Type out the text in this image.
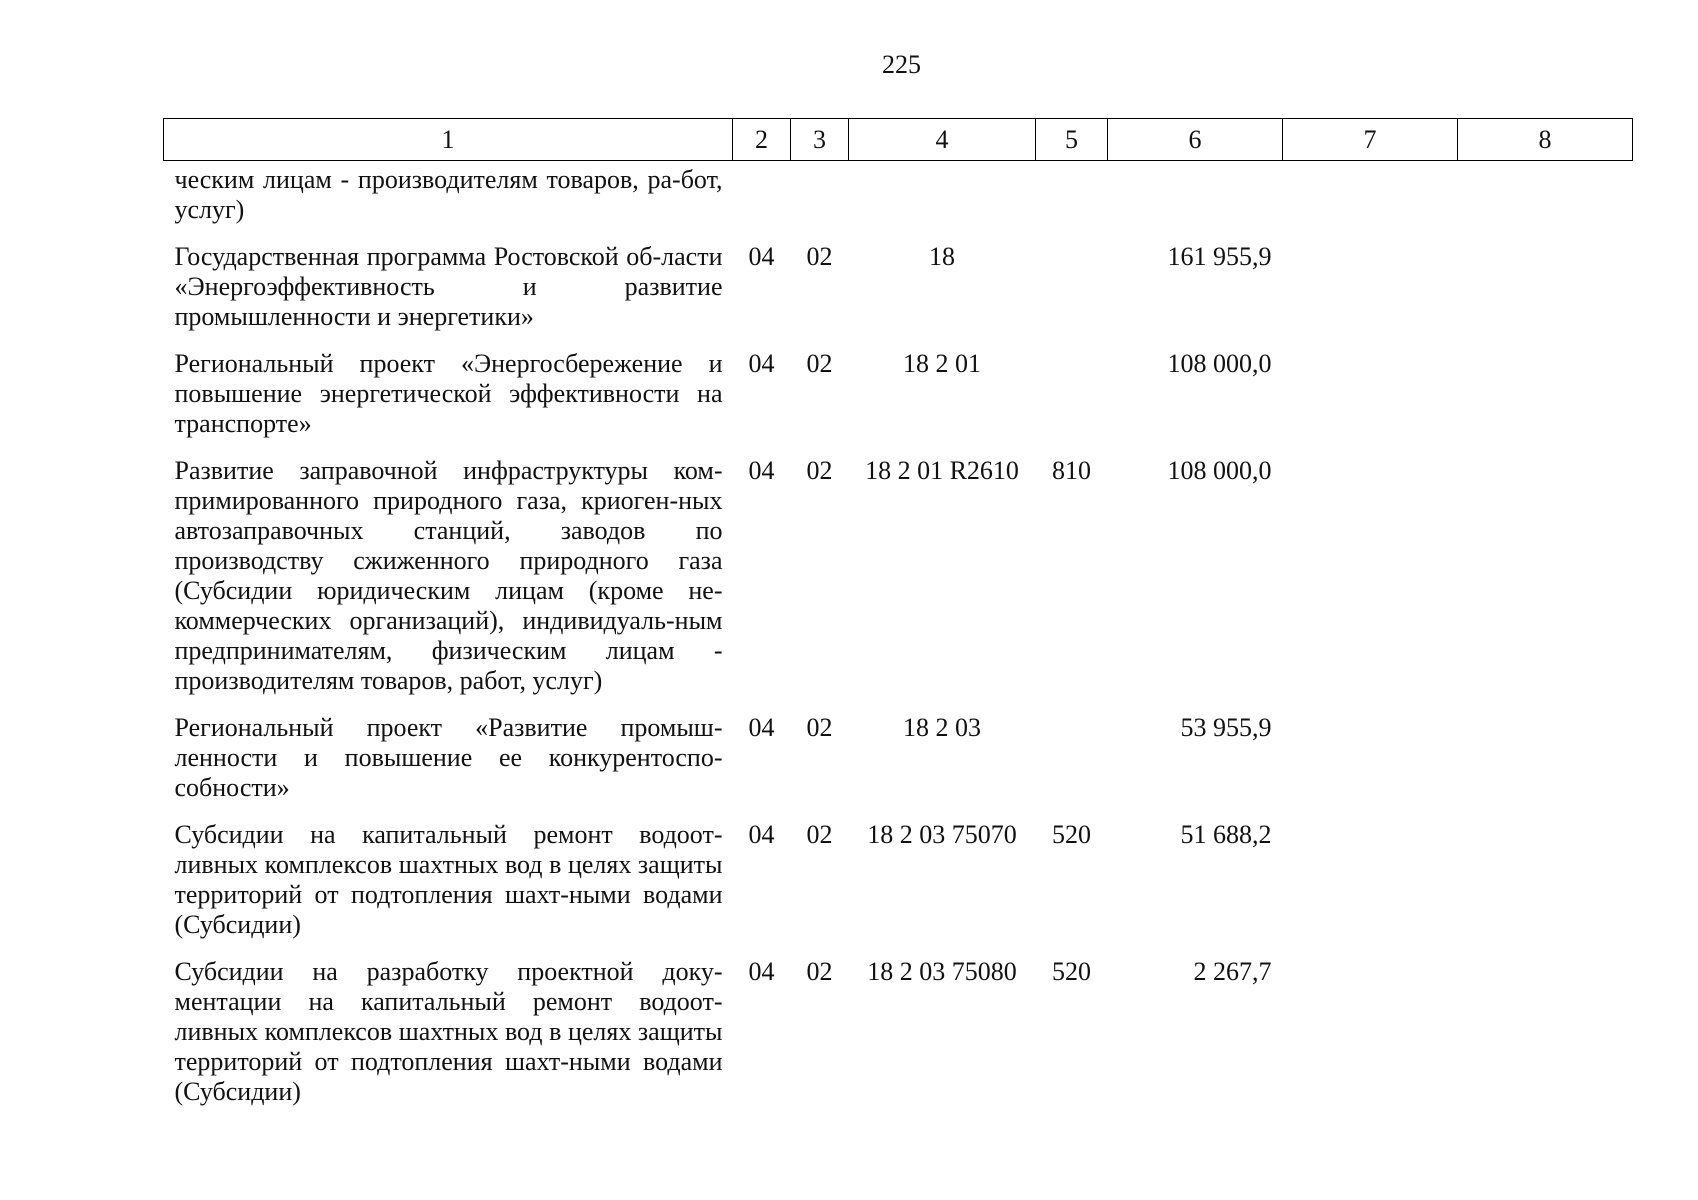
225
1	2	3	4	5	6	7	8
ческим лицам - производителям товаров, ра-бот, услуг)							
Государственная программа Ростовской об-ласти «Энергоэффективность и развитие промышленности и энергетики»	04	02	18		161 955,9		
Региональный проект «Энергосбережение и повышение энергетической эффективности на транспорте»	04	02	18 2 01		108 000,0		
Развитие заправочной инфраструктуры ком-примированного природного газа, криоген-ных автозаправочных станций, заводов по производству сжиженного природного газа (Субсидии юридическим лицам (кроме не-коммерческих организаций), индивидуаль-ным предпринимателям, физическим лицам - производителям товаров, работ, услуг)	04	02	18 2 01 R2610	810	108 000,0		
Региональный проект «Развитие промыш-ленности и повышение ее конкурентоспо-собности»	04	02	18 2 03		53 955,9		
Субсидии на капитальный ремонт водоот-ливных комплексов шахтных вод в целях защиты территорий от подтопления шахт-ными водами (Субсидии)	04	02	18 2 03 75070	520	51 688,2		
Субсидии на разработку проектной доку-ментации на капитальный ремонт водоот-ливных комплексов шахтных вод в целях защиты территорий от подтопления шахт-ными водами (Субсидии)	04	02	18 2 03 75080	520	2 267,7		
